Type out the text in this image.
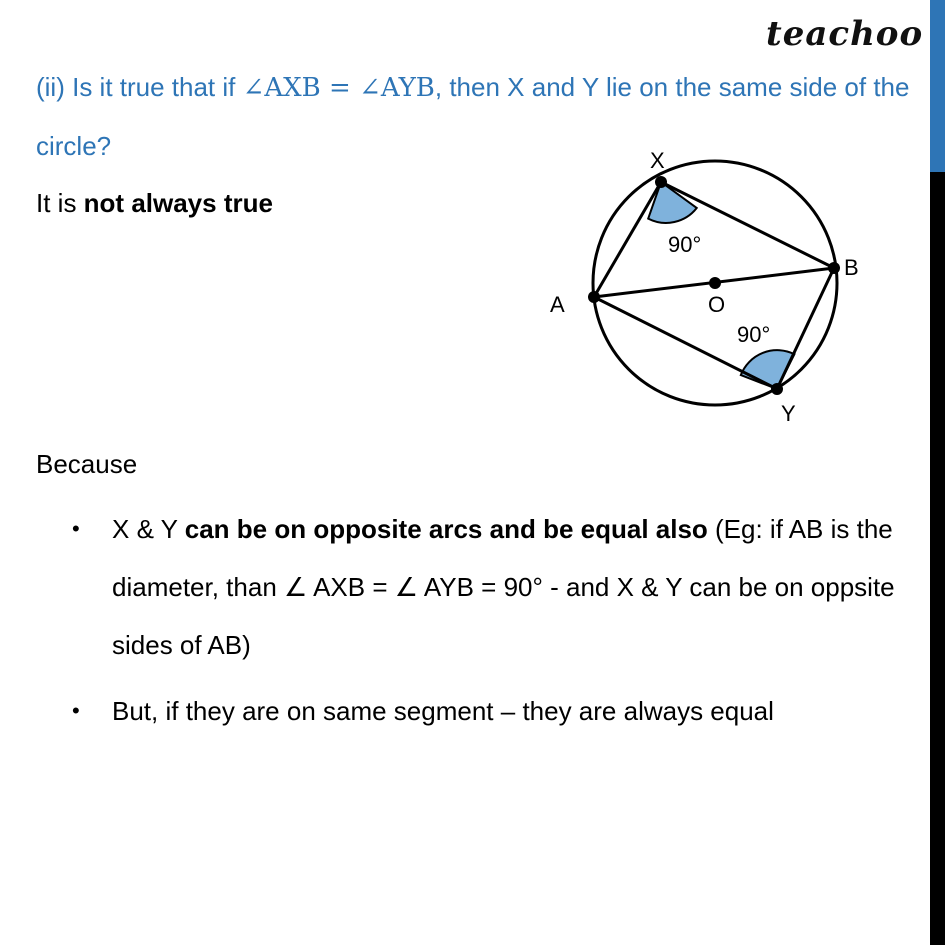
teachoo
(ii) Is it true that if ∠AXB = ∠AYB, then X and Y lie on the same side of the circle?
It is not always true
X
B
A	O
Y
90°
90°
Because
• X & Y can be on opposite arcs and be equal also (Eg: if AB is the diameter, than ∠ AXB = ∠ AYB = 90° - and X & Y can be on oppsite sides of AB)
• But, if they are on same segment – they are always equal
